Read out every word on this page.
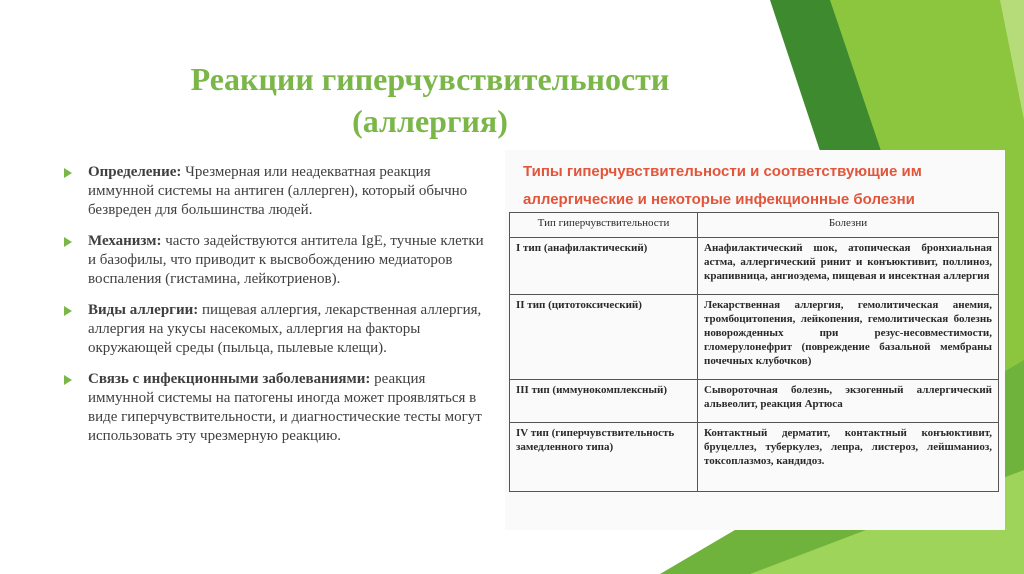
Реакции гиперчувствительности
(аллергия)
Определение: Чрезмерная или неадекватная реакция иммунной системы на антиген (аллерген), который обычно безвреден для большинства людей.
Механизм: часто задействуются антитела IgE, тучные клетки и базофилы, что приводит к высвобождению медиаторов воспаления (гистамина, лейкотриенов).
Виды аллергии: пищевая аллергия, лекарственная аллергия, аллергия на укусы насекомых, аллергия на факторы окружающей среды (пыльца, пылевые клещи).
Связь с инфекционными заболеваниями: реакция иммунной системы на патогены иногда может проявляться в виде гиперчувствительности, и диагностические тесты могут использовать эту чрезмерную реакцию.
Типы гиперчувствительности и соответствующие им
аллергические и некоторые инфекционные болезни
Тип гиперчувствительности	Болезни
I тип (анафилактический)	Анафилактический шок, атопическая бронхиальная астма, аллергический ринит и конъюктивит, поллиноз, крапивница, ангиоэдема, пищевая и инсектная аллергия
II тип (цитотоксический)	Лекарственная аллергия, гемолитическая анемия, тромбоцитопения, лейкопения, гемолитическая болезнь новорожденных при резус-несовместимости, гломерулонефрит (повреждение базальной мембраны почечных клубочков)
III тип (иммунокомплексный)	Сывороточная болезнь, экзогенный аллергический альвеолит, реакция Артюса
IV тип (гиперчувствительность замедленного типа)	Контактный дерматит, контактный конъюктивит, бруцеллез, туберкулез, лепра, листероз, лейшманиоз, токсоплазмоз, кандидоз.
